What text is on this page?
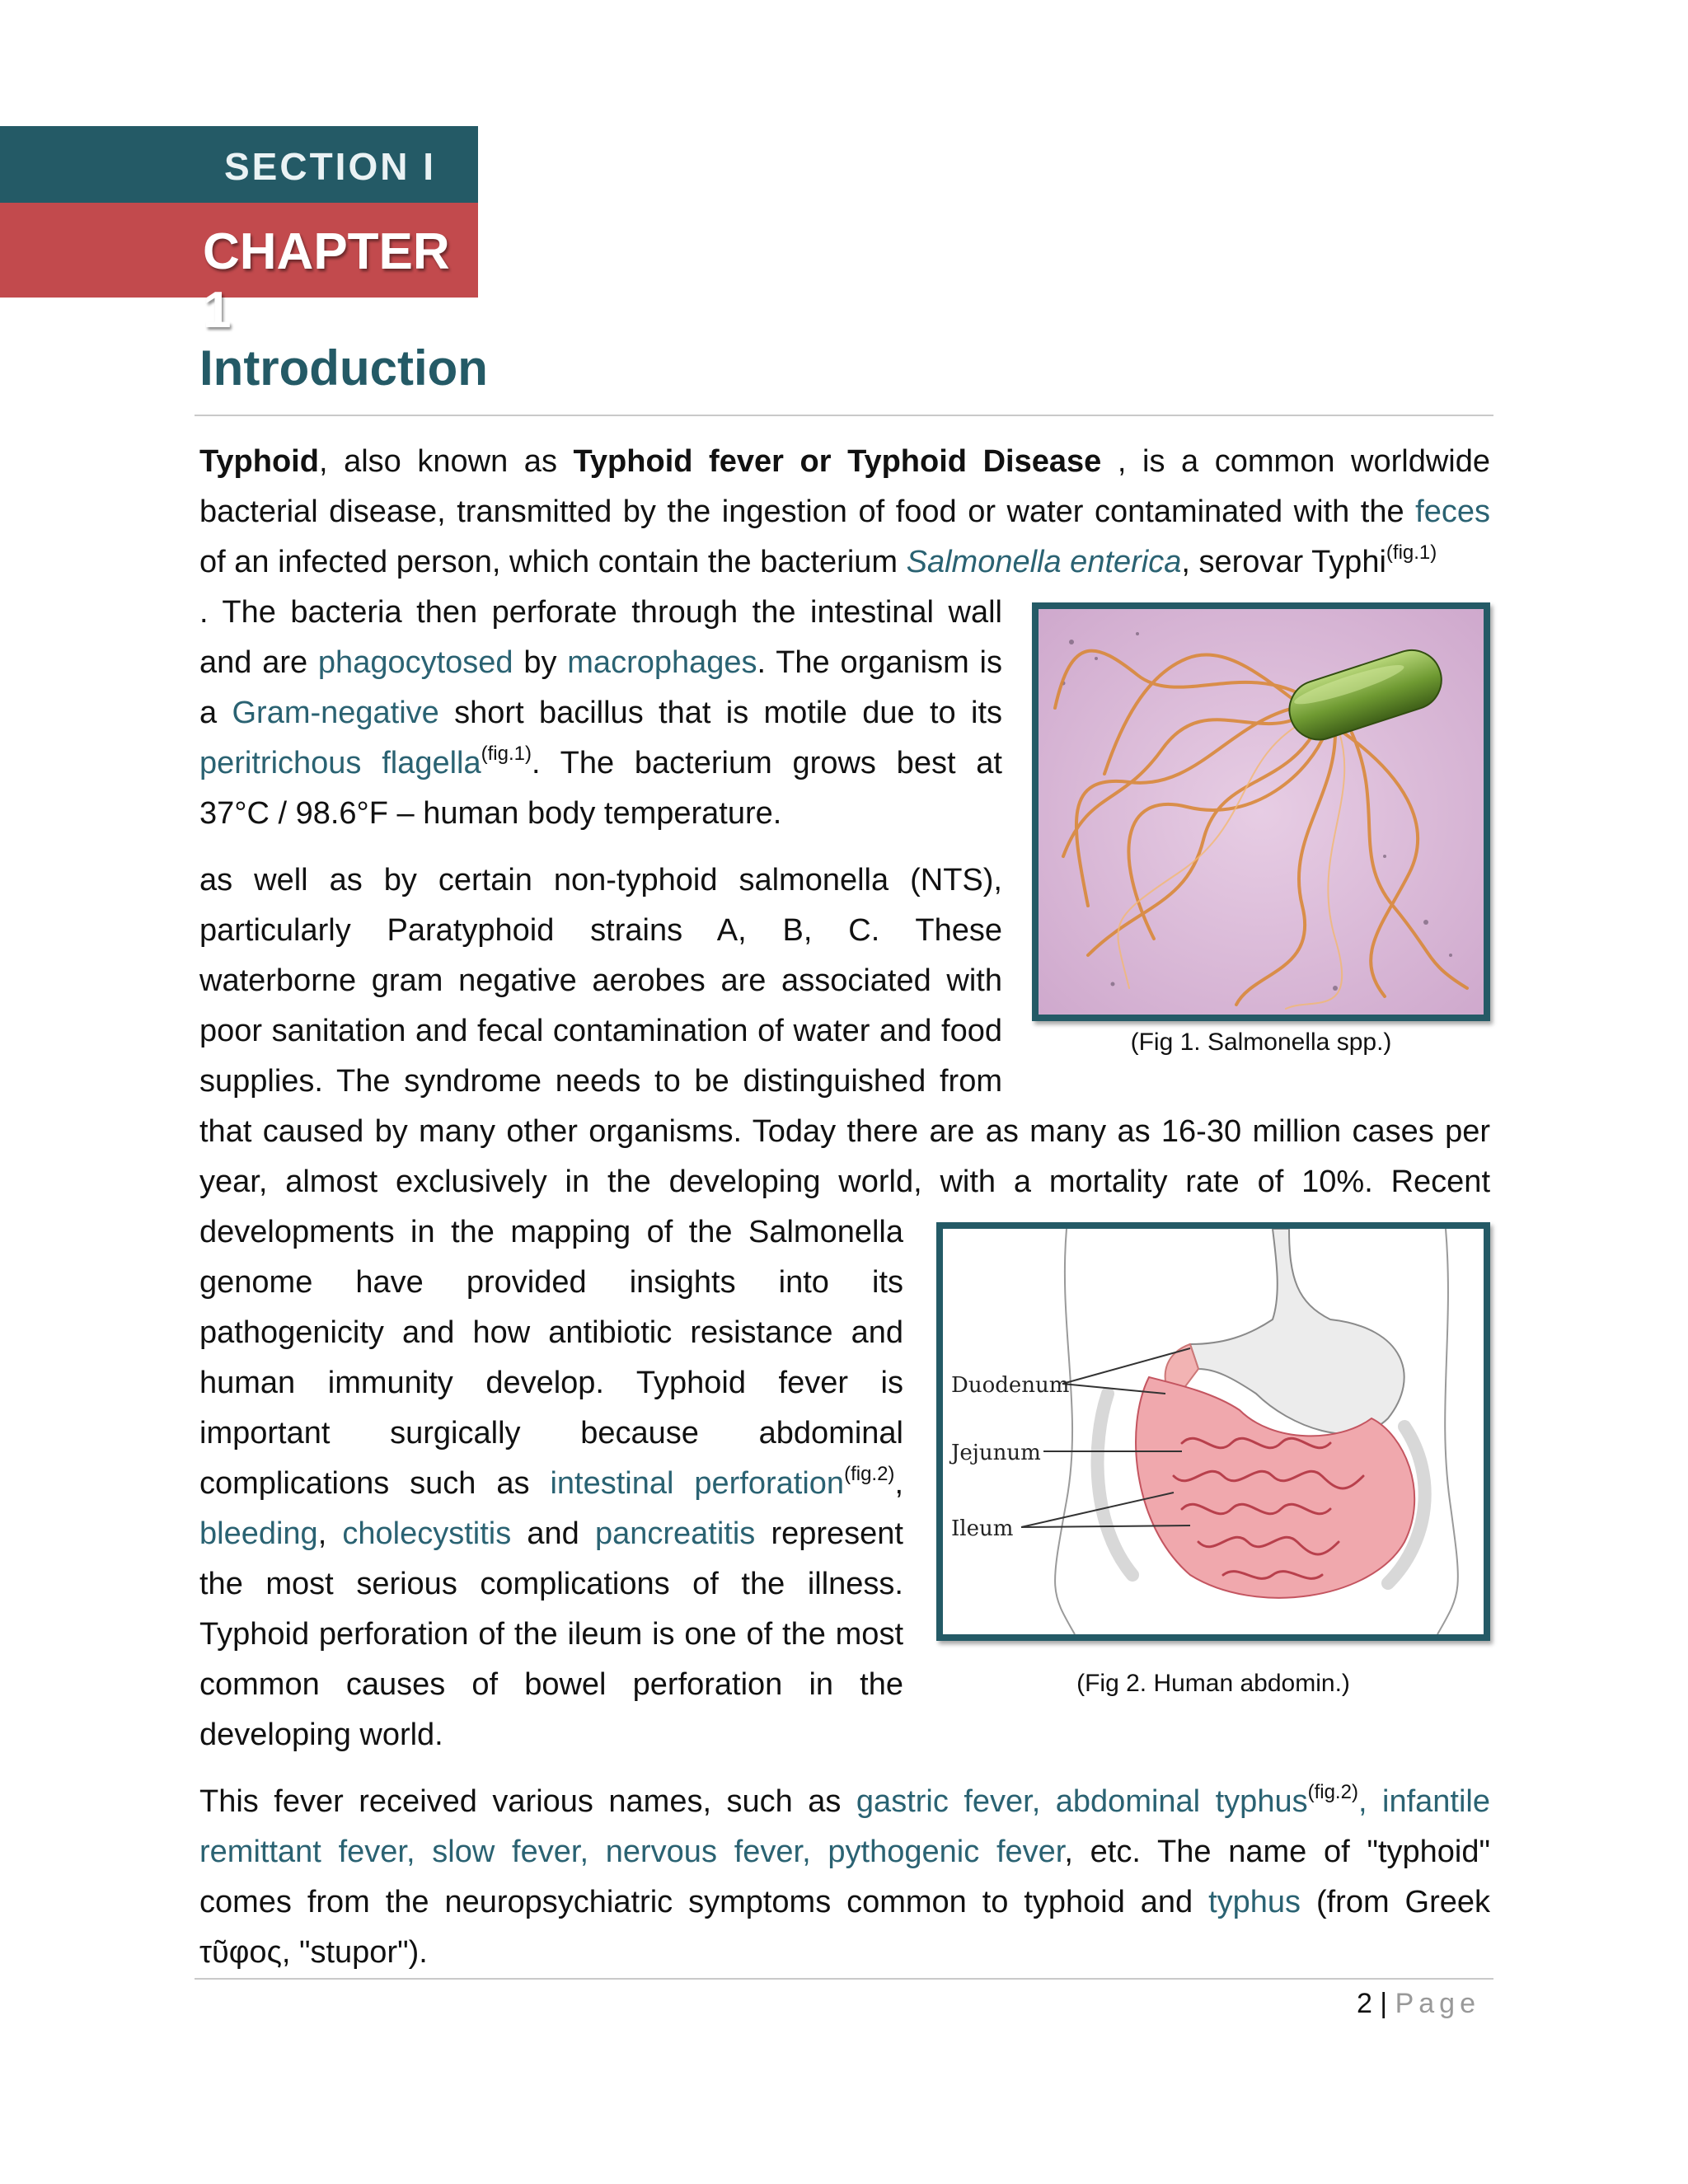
SECTION I
CHAPTER 1
Introduction

Typhoid, also known as Typhoid fever or Typhoid Disease , is a common worldwide bacterial disease, transmitted by the ingestion of food or water contaminated with the feces of an infected person, which contain the bacterium Salmonella enterica, serovar Typhi$^{(fig.1)}$

(Fig 1. Salmonella spp.)
. The bacteria then perforate through the intestinal wall and are phagocytosed by macrophages. The organism is a Gram-negative short bacillus that is motile due to its peritrichous flagella$^{(fig.1)}$. The bacterium grows best at 37°C / 98.6°F – human body temperature.

as well as by certain non-typhoid salmonella (NTS), particularly Paratyphoid strains A, B, C. These waterborne gram negative aerobes are associated with poor sanitation and fecal contamination of water and food supplies. The syndrome needs to be distinguished from that caused by many other organisms. Today there are as many as 16-30 million cases per year, almost exclusively in the developing world, with a mortality rate of 10%. Recent developments
Duodenum
Jejunum
Ileum
(Fig 2. Human abdomin.)
in the mapping of the Salmonella genome have provided insights into its pathogenicity and how antibiotic resistance and human immunity develop. Typhoid fever is important surgically because abdominal complications such as intestinal perforation$^{(fig.2)}$, bleeding, cholecystitis and pancreatitis represent the most serious complications of the illness. Typhoid perforation of the ileum is one of the most common causes of bowel perforation in the developing world.

This fever received various names, such as gastric fever, abdominal typhus$^{(fig.2)}$, infantile remittant fever, slow fever, nervous fever, pythogenic fever, etc. The name of "typhoid" comes from the neuropsychiatric symptoms common to typhoid and typhus (from Greek τῦφος, "stupor").

2 | Page
